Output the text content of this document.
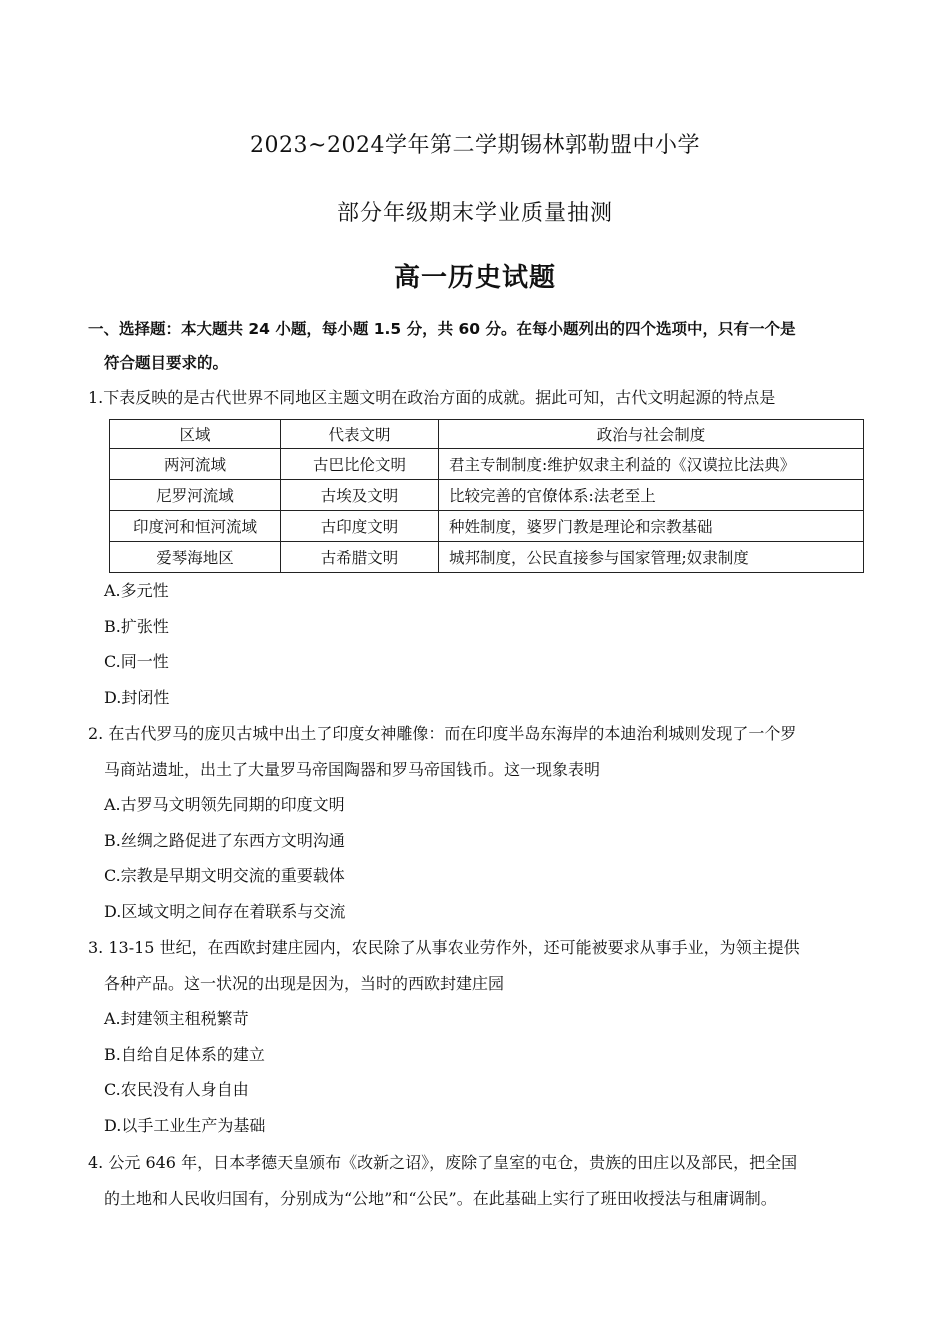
2023~2024学年第二学期锡林郭勒盟中小学
部分年级期末学业质量抽测
高一历史试题
一、选择题：本大题共 24 小题，每小题 1.5 分，共 60 分。在每小题列出的四个选项中，只有一个是
符合题目要求的。
1.下表反映的是古代世界不同地区主题文明在政治方面的成就。据此可知，古代文明起源的特点是
区域	代表文明	政治与社会制度
两河流域	古巴比伦文明	君主专制制度:维护奴隶主利益的《汉谟拉比法典》
尼罗河流域	古埃及文明	比较完善的官僚体系:法老至上
印度河和恒河流域	古印度文明	种姓制度，婆罗门教是理论和宗教基础
爱琴海地区	古希腊文明	城邦制度，公民直接参与国家管理;奴隶制度
A.多元性
B.扩张性
C.同一性
D.封闭性
2. 在古代罗马的庞贝古城中出土了印度女神雕像：而在印度半岛东海岸的本迪治利城则发现了一个罗
马商站遗址，出土了大量罗马帝国陶器和罗马帝国钱币。这一现象表明
A.古罗马文明领先同期的印度文明
B.丝绸之路促进了东西方文明沟通
C.宗教是早期文明交流的重要载体
D.区域文明之间存在着联系与交流
3. 13-15 世纪，在西欧封建庄园内，农民除了从事农业劳作外，还可能被要求从事手业，为领主提供
各种产品。这一状况的出现是因为，当时的西欧封建庄园
A.封建领主租税繁苛
B.自给自足体系的建立
C.农民没有人身自由
D.以手工业生产为基础
4. 公元 646 年，日本孝德天皇颁布《改新之诏》，废除了皇室的屯仓，贵族的田庄以及部民，把全国
的土地和人民收归国有，分别成为“公地”和“公民”。在此基础上实行了班田收授法与租庸调制。
